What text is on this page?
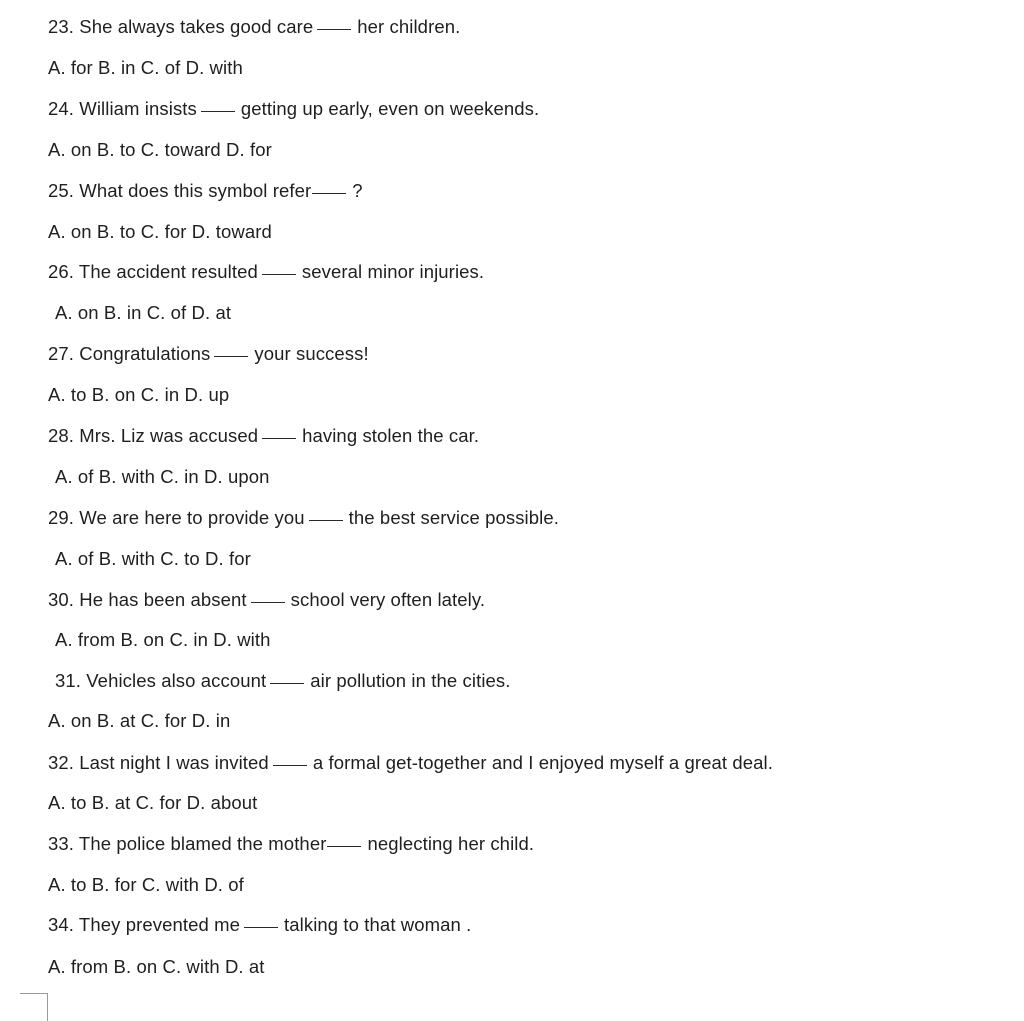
23. She always takes good care her children.
A. for B. in C. of D. with
24. William insists getting up early, even on weekends.
A. on B. to C. toward D. for
25. What does this symbol refer ?
A. on B. to C. for D. toward
26. The accident resulted several minor injuries.
A. on B. in C. of D. at
27. Congratulations your success!
A. to B. on C. in D. up
28. Mrs. Liz was accused having stolen the car.
A. of B. with C. in D. upon
29. We are here to provide you the best service possible.
A. of B. with C. to D. for
30. He has been absent school very often lately.
A. from B. on C. in D. with
31. Vehicles also account air pollution in the cities.
A. on B. at C. for D. in
32. Last night I was invited a formal get-together and I enjoyed myself a great deal.
A. to B. at C. for D. about
33. The police blamed the mother neglecting her child.
A. to B. for C. with D. of
34. They prevented me talking to that woman .
A. from B. on C. with D. at
